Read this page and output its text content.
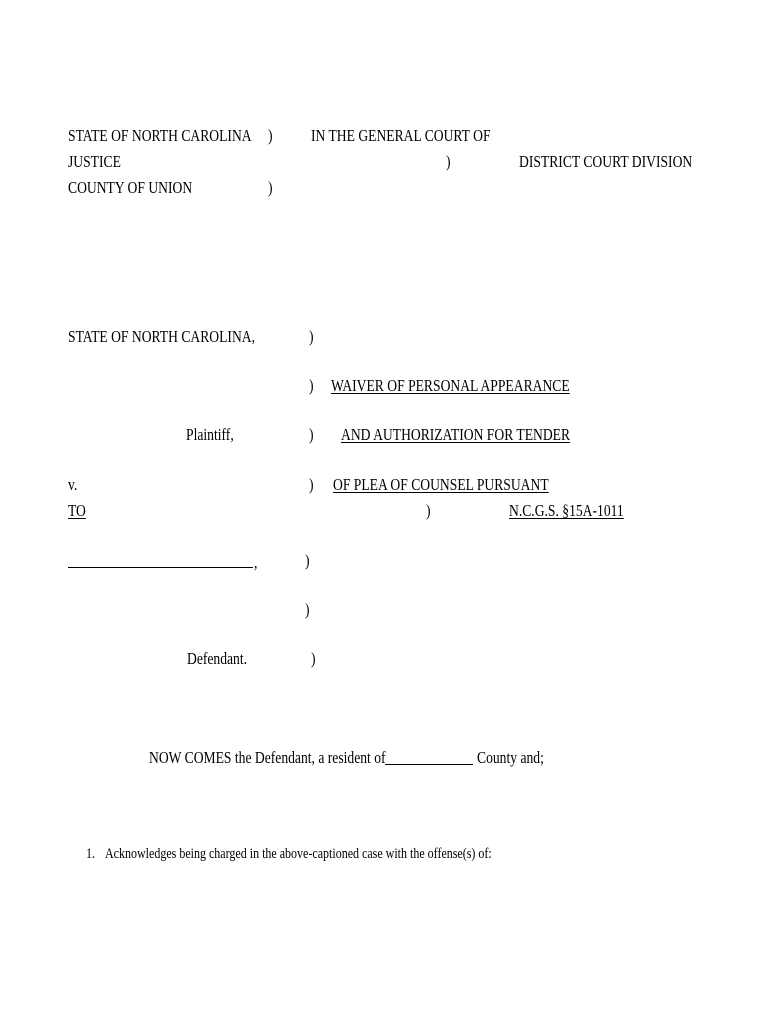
STATE OF NORTH CAROLINA ) IN THE GENERAL COURT OF
JUSTICE	)	DISTRICT COURT DIVISION
COUNTY OF UNION	)
STATE OF NORTH CAROLINA,	)
) WAIVER OF PERSONAL APPEARANCE
Plaintiff,	) AND AUTHORIZATION FOR TENDER
v.	) OF PLEA OF COUNSEL PURSUANT
TO	)	N.C.G.S. §15A-1011
,	)
)
Defendant.	)
NOW COMES the Defendant, a resident of	County and;
1. Acknowledges being charged in the above-captioned case with the offense(s) of:
